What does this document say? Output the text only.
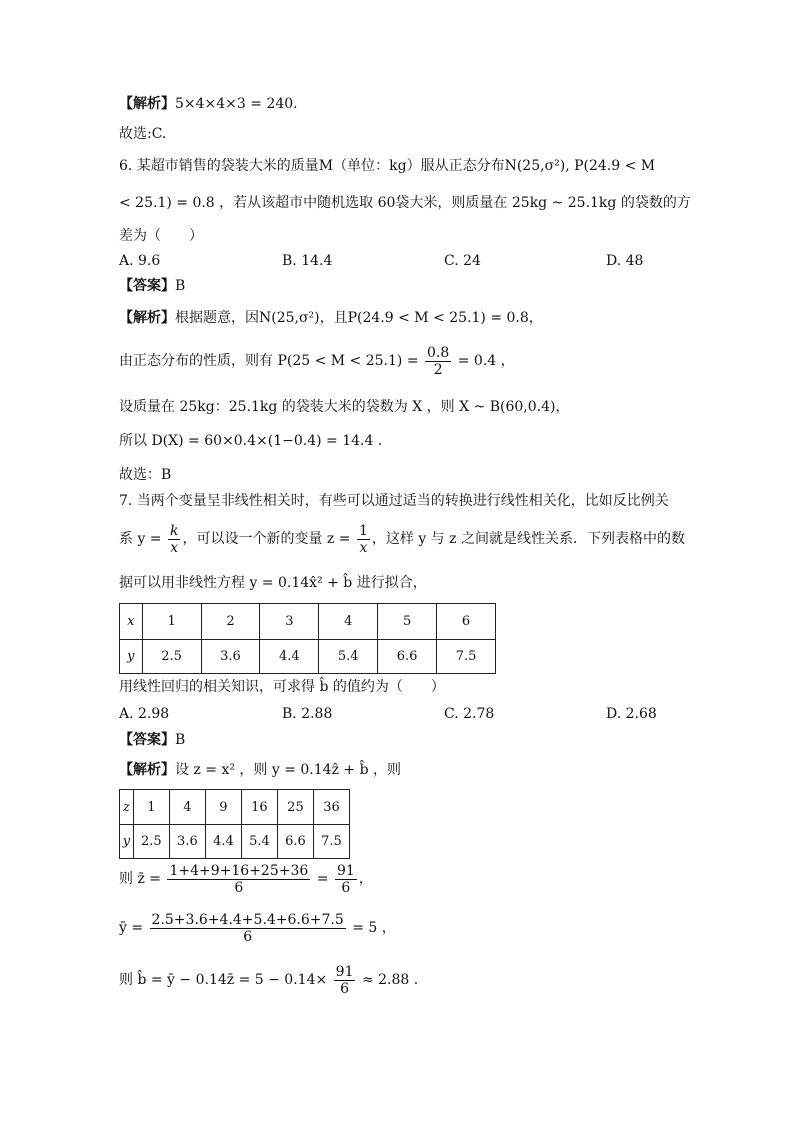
【解析】5×4×4×3 = 240.
故选:C.
6. 某超市销售的袋装大米的质量M（单位：kg）服从正态分布N(25,σ²), P(24.9 < M
< 25.1) = 0.8 ，若从该超市中随机选取 60袋大米，则质量在 25kg ~ 25.1kg 的袋数的方
差为（　　）
A. 9.6	B. 14.4	C. 24	D. 48
【答案】B
【解析】根据题意，因N(25,σ²)，且P(24.9 < M < 25.1) = 0.8，
由正态分布的性质，则有 $P(25 < M < 25.1) = \frac{0.8}{2} = 0.4$ ，
设质量在 25kg：25.1kg 的袋装大米的袋数为 X ，则 X ~ B(60,0.4)，
所以 D(X) = 60×0.4×(1−0.4) = 14.4 .
故选：B
7. 当两个变量呈非线性相关时，有些可以通过适当的转换进行线性相关化，比如反比例关
系 $y = \frac{k}{x}$ ，可以设一个新的变量 $z = \frac{1}{x}$ ，这样 y 与 z 之间就是线性关系．下列表格中的数
据可以用非线性方程 y = 0.14x̂² + b̂ 进行拟合，
x	1	2	3	4	5	6
y	2.5	3.6	4.4	5.4	6.6	7.5
用线性回归的相关知识，可求得 b̂ 的值约为（　　）
A. 2.98	B. 2.88	C. 2.78	D. 2.68
【答案】B
【解析】设 z = x² ，则 y = 0.14ẑ + b̂ ，则
z	1	4	9	16	25	36
y	2.5	3.6	4.4	5.4	6.6	7.5
则 z̄ = $\frac{1+4+9+16+25+36}{6} = \frac{91}{6}$ ，
ȳ = $\frac{2.5+3.6+4.4+5.4+6.6+7.5}{6} = 5$ ，
则 b̂ = ȳ − 0.14z̄ = $5 - 0.14\times \frac{91}{6} \approx 2.88$ .
